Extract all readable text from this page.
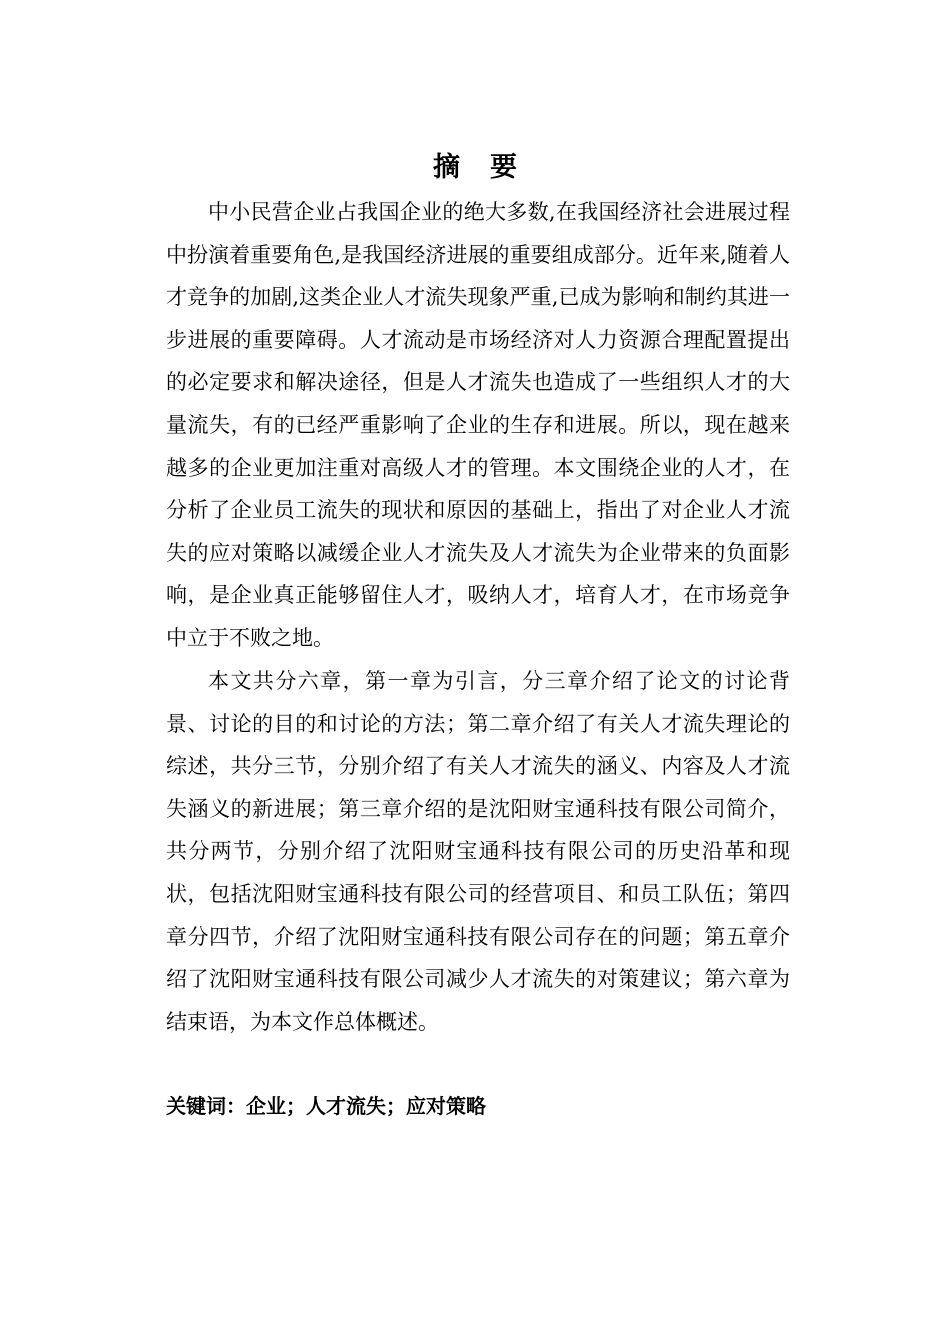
摘 要

中小民营企业占我国企业的绝大多数,在我国经济社会进展过程中扮演着重要角色,是我国经济进展的重要组成部分。近年来,随着人才竞争的加剧,这类企业人才流失现象严重,已成为影响和制约其进一步进展的重要障碍。人才流动是市场经济对人力资源合理配置提出的必定要求和解决途径，但是人才流失也造成了一些组织人才的大量流失，有的已经严重影响了企业的生存和进展。所以，现在越来越多的企业更加注重对高级人才的管理。本文围绕企业的人才，在分析了企业员工流失的现状和原因的基础上，指出了对企业人才流失的应对策略以减缓企业人才流失及人才流失为企业带来的负面影响，是企业真正能够留住人才，吸纳人才，培育人才，在市场竞争中立于不败之地。

本文共分六章，第一章为引言，分三章介绍了论文的讨论背景、讨论的目的和讨论的方法；第二章介绍了有关人才流失理论的综述，共分三节，分别介绍了有关人才流失的涵义、内容及人才流失涵义的新进展；第三章介绍的是沈阳财宝通科技有限公司简介，共分两节，分别介绍了沈阳财宝通科技有限公司的历史沿革和现状，包括沈阳财宝通科技有限公司的经营项目、和员工队伍；第四章分四节，介绍了沈阳财宝通科技有限公司存在的问题；第五章介绍了沈阳财宝通科技有限公司减少人才流失的对策建议；第六章为结束语，为本文作总体概述。

关键词：企业；人才流失；应对策略
